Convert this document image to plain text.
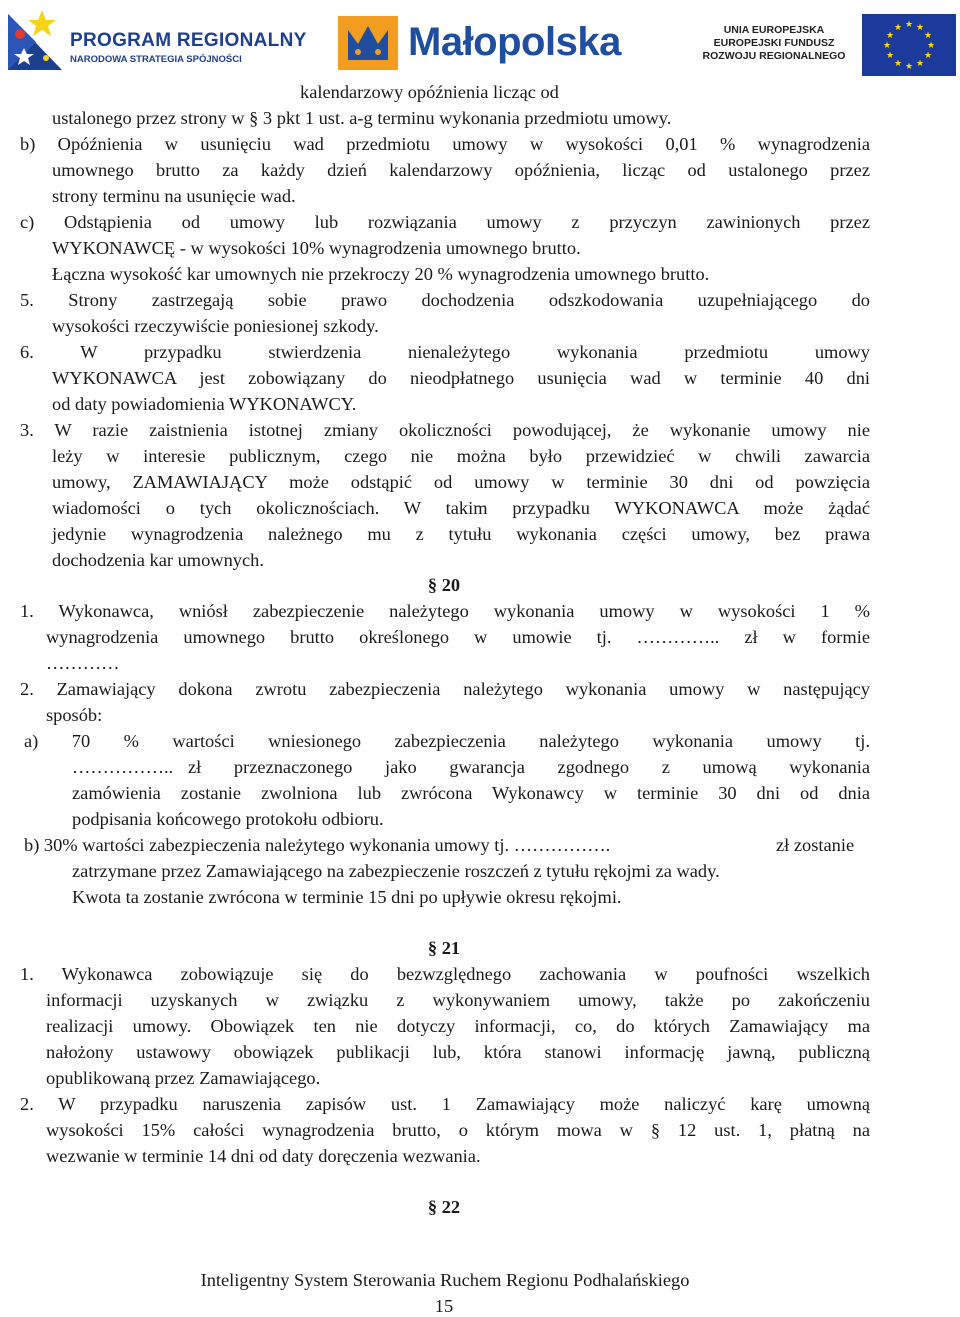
PROGRAM REGIONALNY
NARODOWA STRATEGIA SPÓJNOŚCI	Małopolska	UNIA EUROPEJSKA
EUROPEJSKI FUNDUSZ
ROZWOJU REGIONALNEGO
★ ★
★
★
★
★
★
★
★
★
★
★
kalendarzowy opóźnienia licząc od
ustalonego przez strony w § 3 pkt 1 ust. a-g terminu wykonania przedmiotu umowy.
b) Opóźnienia w usunięciu wad przedmiotu umowy w wysokości 0,01 % wynagrodzenia
umownego brutto za każdy dzień kalendarzowy opóźnienia, licząc od ustalonego przez
strony terminu na usunięcie wad.
c) Odstąpienia od umowy lub rozwiązania umowy z przyczyn zawinionych przez
WYKONAWCĘ - w wysokości 10% wynagrodzenia umownego brutto.
Łączna wysokość kar umownych nie przekroczy 20 % wynagrodzenia umownego brutto.
5. Strony zastrzegają sobie prawo dochodzenia odszkodowania uzupełniającego do
wysokości rzeczywiście poniesionej szkody.
6. W przypadku stwierdzenia nienależytego wykonania przedmiotu umowy
WYKONAWCA jest zobowiązany do nieodpłatnego usunięcia wad w terminie 40 dni
od daty powiadomienia WYKONAWCY.
3. W razie zaistnienia istotnej zmiany okoliczności powodującej, że wykonanie umowy nie
leży w interesie publicznym, czego nie można było przewidzieć w chwili zawarcia
umowy, ZAMAWIAJĄCY może odstąpić od umowy w terminie 30 dni od powzięcia
wiadomości o tych okolicznościach. W takim przypadku WYKONAWCA może żądać
jedynie wynagrodzenia należnego mu z tytułu wykonania części umowy, bez prawa
dochodzenia kar umownych.
§ 20
1. Wykonawca, wniósł zabezpieczenie należytego wykonania umowy w wysokości 1 %
wynagrodzenia umownego brutto określonego w umowie tj. ………….. zł w formie
…………
2. Zamawiający dokona zwrotu zabezpieczenia należytego wykonania umowy w następujący
sposób:
a) 70 % wartości wniesionego zabezpieczenia należytego wykonania umowy tj.
…………….. zł przeznaczonego jako gwarancja zgodnego z umową wykonania
zamówienia zostanie zwolniona lub zwrócona Wykonawcy w terminie 30 dni od dnia
podpisania końcowego protokołu odbioru.
b) 30% wartości zabezpieczenia należytego wykonania umowy tj. …………….	zł zostanie
zatrzymane przez Zamawiającego na zabezpieczenie roszczeń z tytułu rękojmi za wady.
Kwota ta zostanie zwrócona w terminie 15 dni po upływie okresu rękojmi.
§ 21
1. Wykonawca zobowiązuje się do bezwzględnego zachowania w poufności wszelkich
informacji uzyskanych w związku z wykonywaniem umowy, także po zakończeniu
realizacji umowy. Obowiązek ten nie dotyczy informacji, co, do których Zamawiający ma
nałożony ustawowy obowiązek publikacji lub, która stanowi informację jawną, publiczną
opublikowaną przez Zamawiającego.
2. W przypadku naruszenia zapisów ust. 1 Zamawiający może naliczyć karę umowną
wysokości 15% całości wynagrodzenia brutto, o którym mowa w § 12 ust. 1, płatną na
wezwanie w terminie 14 dni od daty doręczenia wezwania.
§ 22
Inteligentny System Sterowania Ruchem Regionu Podhalańskiego
15
